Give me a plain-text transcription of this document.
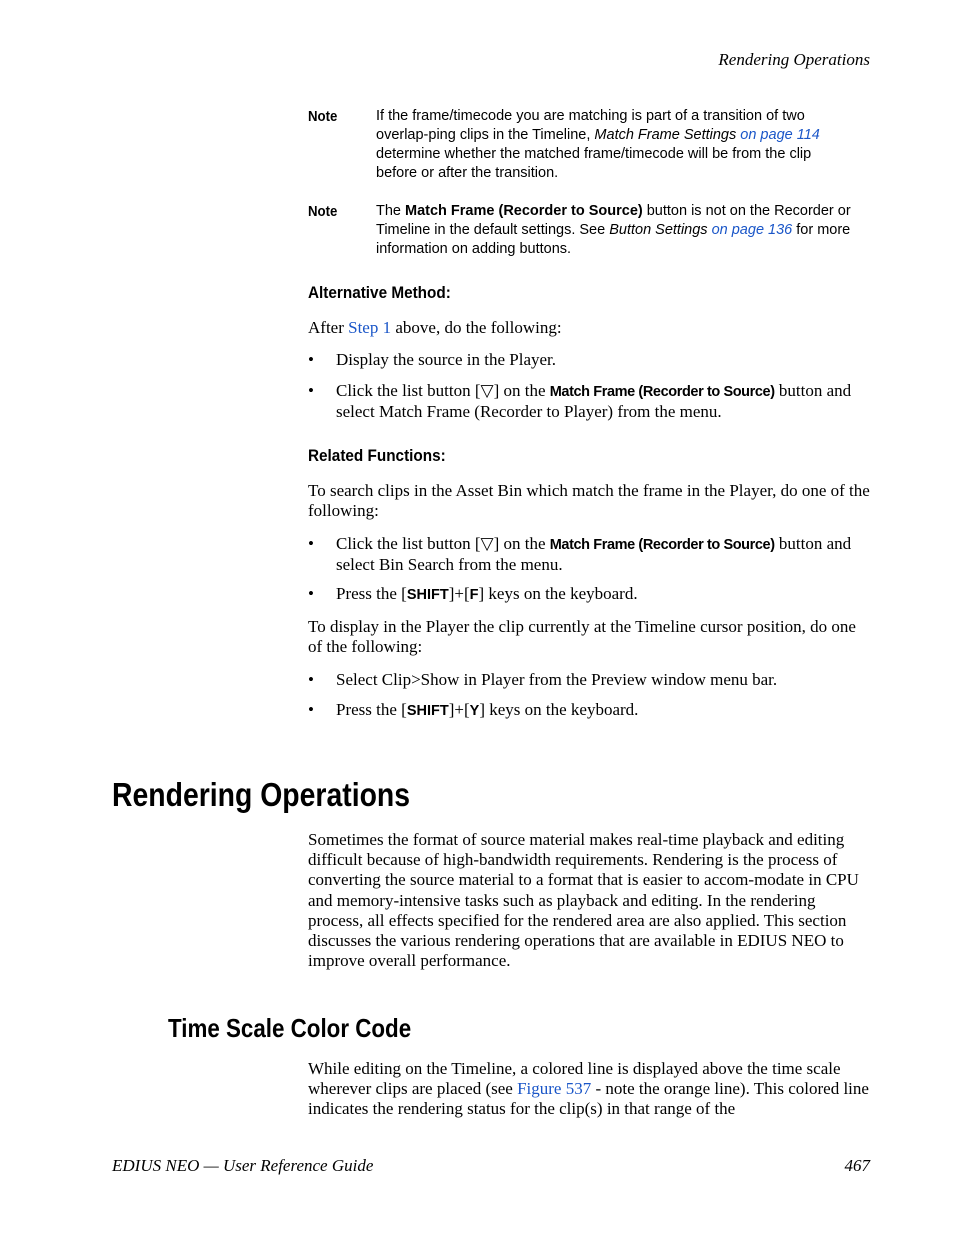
Rendering Operations
Note	If the frame/timecode you are matching is part of a transition of two overlap-ping clips in the Timeline, Match Frame Settings on page 114 determine whether the matched frame/timecode will be from the clip before or after the transition.
Note	The Match Frame (Recorder to Source) button is not on the Recorder or Timeline in the default settings. See Button Settings on page 136 for more information on adding buttons.
Alternative Method:
After Step 1 above, do the following:
• Display the source in the Player.
• Click the list button [▽] on the Match Frame (Recorder to Source) button and select Match Frame (Recorder to Player) from the menu.
Related Functions:
To search clips in the Asset Bin which match the frame in the Player, do one of the following:
• Click the list button [▽] on the Match Frame (Recorder to Source) button and select Bin Search from the menu.
• Press the [SHIFT]+[F] keys on the keyboard.
To display in the Player the clip currently at the Timeline cursor position, do one of the following:
• Select Clip>Show in Player from the Preview window menu bar.
• Press the [SHIFT]+[Y] keys on the keyboard.
Rendering Operations
Sometimes the format of source material makes real-time playback and editing difficult because of high-bandwidth requirements. Rendering is the process of converting the source material to a format that is easier to accom-modate in CPU and memory-intensive tasks such as playback and editing. In the rendering process, all effects specified for the rendered area are also applied. This section discusses the various rendering operations that are available in EDIUS NEO to improve overall performance.
Time Scale Color Code
While editing on the Timeline, a colored line is displayed above the time scale wherever clips are placed (see Figure 537 - note the orange line). This colored line indicates the rendering status for the clip(s) in that range of the
EDIUS NEO — User Reference Guide	467
